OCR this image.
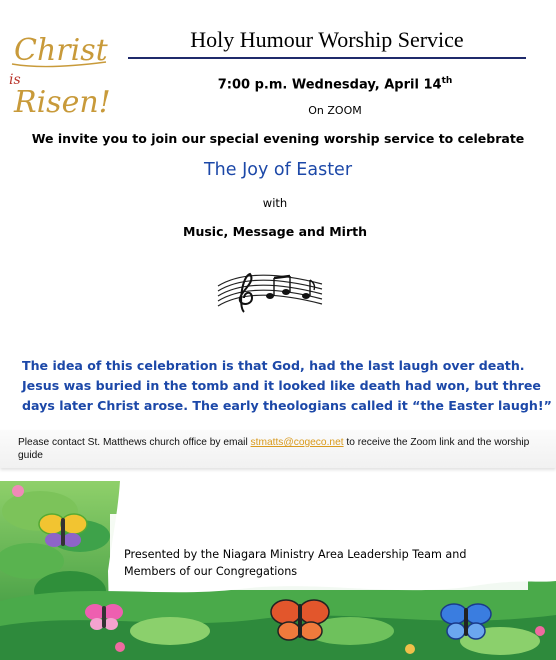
Christ
is
Risen!
Holy Humour Worship Service
7:00 p.m. Wednesday, April 14th
On ZOOM
We invite you to join our special evening worship service to celebrate
The Joy of Easter
with
Music, Message and Mirth
The idea of this celebration is that God, had the last laugh over death.
Jesus was buried in the tomb and it looked like death had won, but three
days later Christ arose. The early theologians called it “the Easter laugh!”
Please contact St. Matthews church office by email stmatts@cogeco.net to receive the Zoom link and the worship guide
Presented by the Niagara Ministry Area Leadership Team and
Members of our Congregations
